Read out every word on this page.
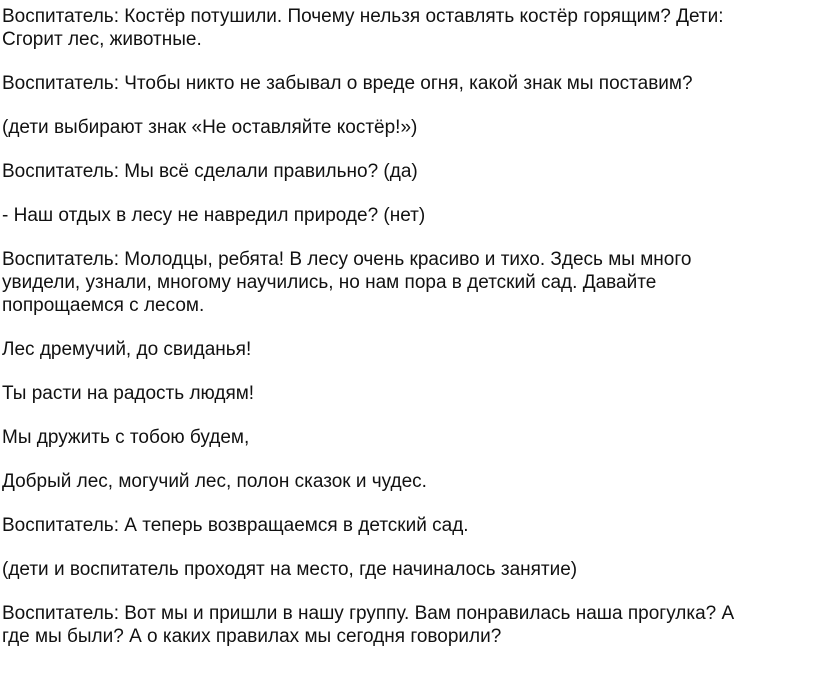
Воспитатель: Костёр потушили. Почему нельзя оставлять костёр горящим? Дети:
Сгорит лес, животные.

Воспитатель: Чтобы никто не забывал о вреде огня, какой знак мы поставим?

(дети выбирают знак «Не оставляйте костёр!»)

Воспитатель: Мы всё сделали правильно? (да)

- Наш отдых в лесу не навредил природе? (нет)

Воспитатель: Молодцы, ребята! В лесу очень красиво и тихо. Здесь мы много
увидели, узнали, многому научились, но нам пора в детский сад. Давайте
попрощаемся с лесом.

Лес дремучий, до свиданья!

Ты расти на радость людям!

Мы дружить с тобою будем,

Добрый лес, могучий лес, полон сказок и чудес.

Воспитатель: А теперь возвращаемся в детский сад.

(дети и воспитатель проходят на место, где начиналось занятие)

Воспитатель: Вот мы и пришли в нашу группу. Вам понравилась наша прогулка? А
где мы были? А о каких правилах мы сегодня говорили?
